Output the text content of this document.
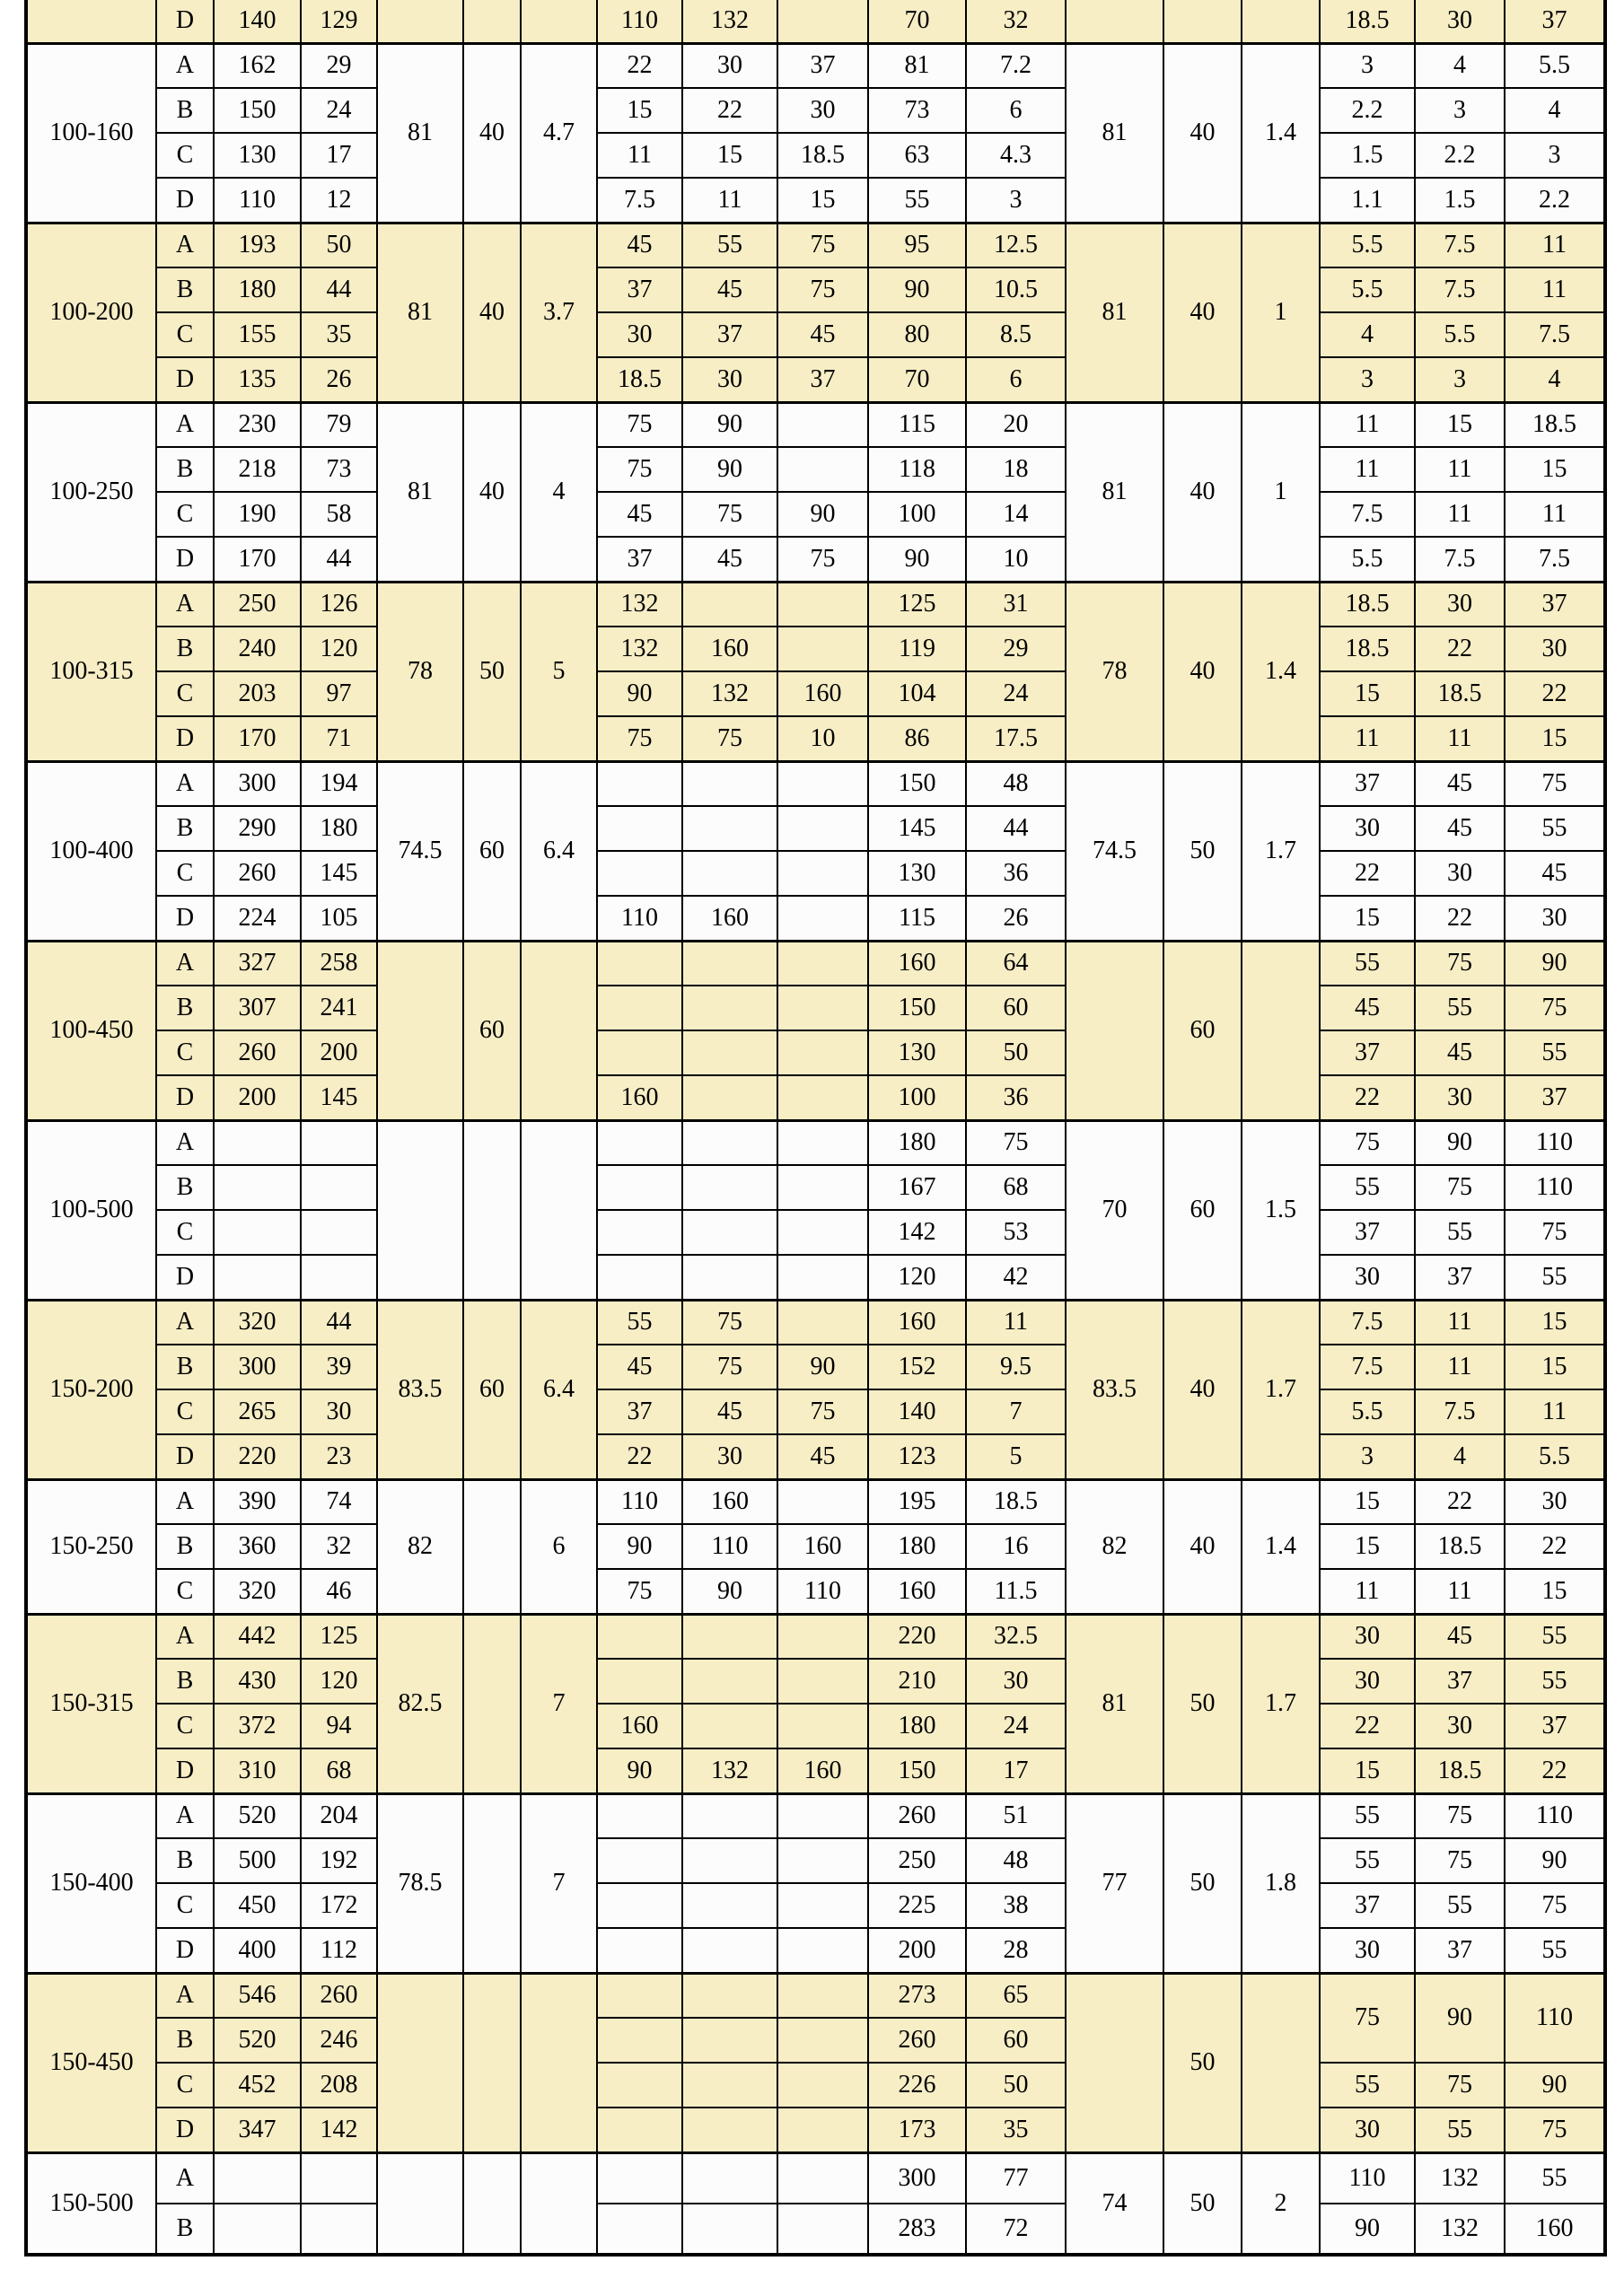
	D	140	129				110	132		70	32				18.5	30	37
100-160	A	162	29	81	40	4.7	22	30	37	81	7.2	81	40	1.4	3	4	5.5
	B	150	24				15	22	30	73	6				2.2	3	4
	C	130	17				11	15	18.5	63	4.3				1.5	2.2	3
	D	110	12				7.5	11	15	55	3				1.1	1.5	2.2
100-200	A	193	50	81	40	3.7	45	55	75	95	12.5	81	40	1	5.5	7.5	11
	B	180	44				37	45	75	90	10.5				5.5	7.5	11
	C	155	35				30	37	45	80	8.5				4	5.5	7.5
	D	135	26				18.5	30	37	70	6				3	3	4
100-250	A	230	79	81	40	4	75	90		115	20	81	40	1	11	15	18.5
	B	218	73				75	90		118	18				11	11	15
	C	190	58				45	75	90	100	14				7.5	11	11
	D	170	44				37	45	75	90	10				5.5	7.5	7.5
100-315	A	250	126	78	50	5	132			125	31	78	40	1.4	18.5	30	37
	B	240	120				132	160		119	29				18.5	22	30
	C	203	97				90	132	160	104	24				15	18.5	22
	D	170	71				75	75	10	86	17.5				11	11	15
100-400	A	300	194	74.5	60	6.4				150	48	74.5	50	1.7	37	45	75
	B	290	180							145	44				30	45	55
	C	260	145							130	36				22	30	45
	D	224	105				110	160		115	26				15	22	30
100-450	A	327	258		60					160	64		60		55	75	90
	B	307	241							150	60				45	55	75
	C	260	200							130	50				37	45	55
	D	200	145				160			100	36				22	30	37
100-500	A									180	75	70	60	1.5	75	90	110
	B									167	68				55	75	110
	C									142	53				37	55	75
	D									120	42				30	37	55
150-200	A	320	44	83.5	60	6.4	55	75		160	11	83.5	40	1.7	7.5	11	15
	B	300	39				45	75	90	152	9.5				7.5	11	15
	C	265	30				37	45	75	140	7				5.5	7.5	11
	D	220	23				22	30	45	123	5				3	4	5.5
150-250	A	390	74	82		6	110	160		195	18.5	82	40	1.4	15	22	30
	B	360	32				90	110	160	180	16				15	18.5	22
	C	320	46				75	90	110	160	11.5				11	11	15
150-315	A	442	125	82.5		7				220	32.5	81	50	1.7	30	45	55
	B	430	120							210	30				30	37	55
	C	372	94				160			180	24				22	30	37
	D	310	68				90	132	160	150	17				15	18.5	22
150-400	A	520	204	78.5		7				260	51	77	50	1.8	55	75	110
	B	500	192							250	48				55	75	90
	C	450	172							225	38				37	55	75
	D	400	112							200	28				30	37	55
150-450	A	546	260							273	65		50		75	90	110
	B	520	246							260	60						
	C	452	208							226	50				55	75	90
	D	347	142							173	35				30	55	75
150-500	A									300	77	74	50	2	110	132	55
	B									283	72				90	132	160
